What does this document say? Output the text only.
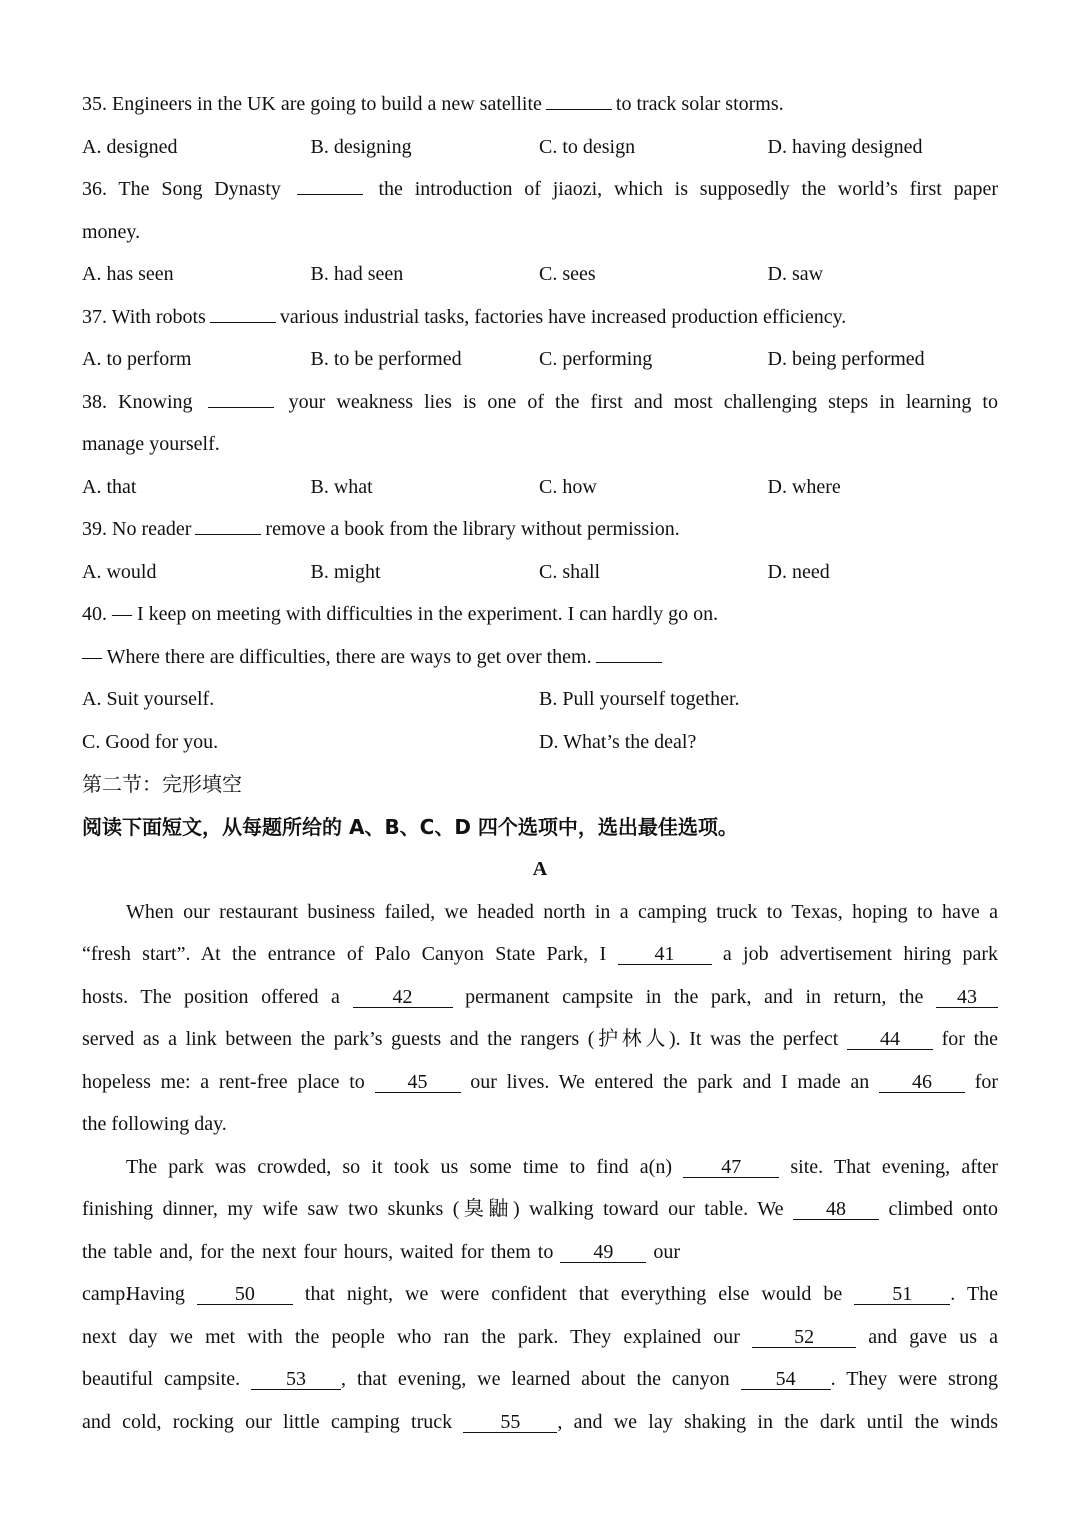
35. Engineers in the UK are going to build a new satellite	to track solar storms.
A. designed	B. designing	C. to design	D. having designed
36. The Song Dynasty	the introduction of jiaozi, which is supposedly the world’s first paper
money.
A. has seen	B. had seen	C. sees	D. saw
37. With robots	various industrial tasks, factories have increased production efficiency.
A. to perform	B. to be performed	C. performing	D. being performed
38. Knowing	your weakness lies is one of the first and most challenging steps in learning to
manage yourself.
A. that	B. what	C. how	D. where
39. No reader	remove a book from the library without permission.
A. would	B. might	C. shall	D. need
40. — I keep on meeting with difficulties in the experiment. I can hardly go on.
— Where there are difficulties, there are ways to get over them.
A. Suit yourself.	B. Pull yourself together.
C. Good for you.	D. What’s the deal?
第二节：完形填空
阅读下面短文，从每题所给的 A、B、C、D 四个选项中，选出最佳选项。
A
When our restaurant business failed, we headed north in a camping truck to Texas, hoping to have a
“fresh start”. At the entrance of Palo Canyon State Park, I 41 a job advertisement hiring park
hosts. The position offered a	42	permanent campsite in the park, and in return, the 43
served as a link between the park’s guests and the rangers (护林人). It was the perfect 44 for the
hopeless me: a rent-free place to 45 our lives. We entered the park and I made an 46 for
the following day.
The park was crowded, so it took us some time to find a(n) 47 site. That evening, after
finishing dinner, my wife saw two skunks (臭鼬) walking toward our table. We 48 climbed onto
the table and, for the next four hours, waited for them to 49 our camp.
Having	50	that night, we were confident that everything else would be	51 . The
next day we met with the people who ran the park. They explained our	52	and gave us a
beautiful campsite. 53 , that evening, we learned about the canyon 54 . They were strong
and cold, rocking our little camping truck 55 , and we lay shaking in the dark until the winds
